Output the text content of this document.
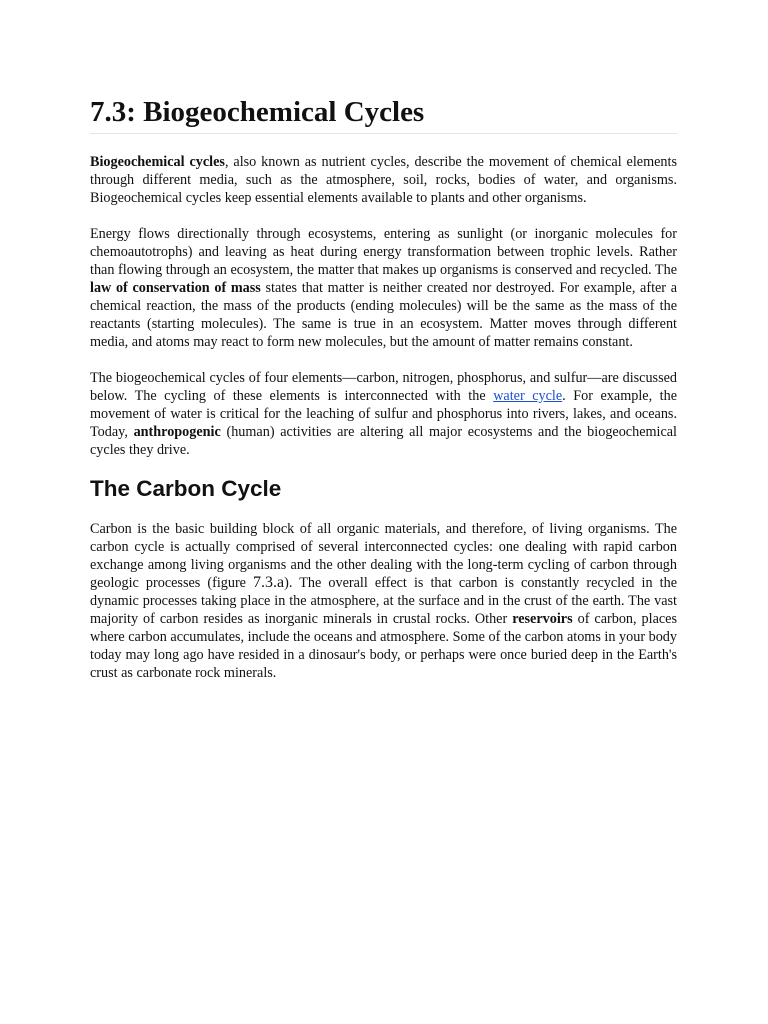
7.3: Biogeochemical Cycles

Biogeochemical cycles, also known as nutrient cycles, describe the movement of chemical elements through different media, such as the atmosphere, soil, rocks, bodies of water, and organisms. Biogeochemical cycles keep essential elements available to plants and other organisms.

Energy flows directionally through ecosystems, entering as sunlight (or inorganic molecules for chemoautotrophs) and leaving as heat during energy transformation between trophic levels. Rather than flowing through an ecosystem, the matter that makes up organisms is conserved and recycled. The law of conservation of mass states that matter is neither created nor destroyed. For example, after a chemical reaction, the mass of the products (ending molecules) will be the same as the mass of the reactants (starting molecules). The same is true in an ecosystem. Matter moves through different media, and atoms may react to form new molecules, but the amount of matter remains constant.

The biogeochemical cycles of four elements—carbon, nitrogen, phosphorus, and sulfur—are discussed below. The cycling of these elements is interconnected with the water cycle. For example, the movement of water is critical for the leaching of sulfur and phosphorus into rivers, lakes, and oceans. Today, anthropogenic (human) activities are altering all major ecosystems and the biogeochemical cycles they drive.

The Carbon Cycle

Carbon is the basic building block of all organic materials, and therefore, of living organisms. The carbon cycle is actually comprised of several interconnected cycles: one dealing with rapid carbon exchange among living organisms and the other dealing with the long-term cycling of carbon through geologic processes (figure 7.3.a). The overall effect is that carbon is constantly recycled in the dynamic processes taking place in the atmosphere, at the surface and in the crust of the earth. The vast majority of carbon resides as inorganic minerals in crustal rocks. Other reservoirs of carbon, places where carbon accumulates, include the oceans and atmosphere. Some of the carbon atoms in your body today may long ago have resided in a dinosaur's body, or perhaps were once buried deep in the Earth's crust as carbonate rock minerals.
